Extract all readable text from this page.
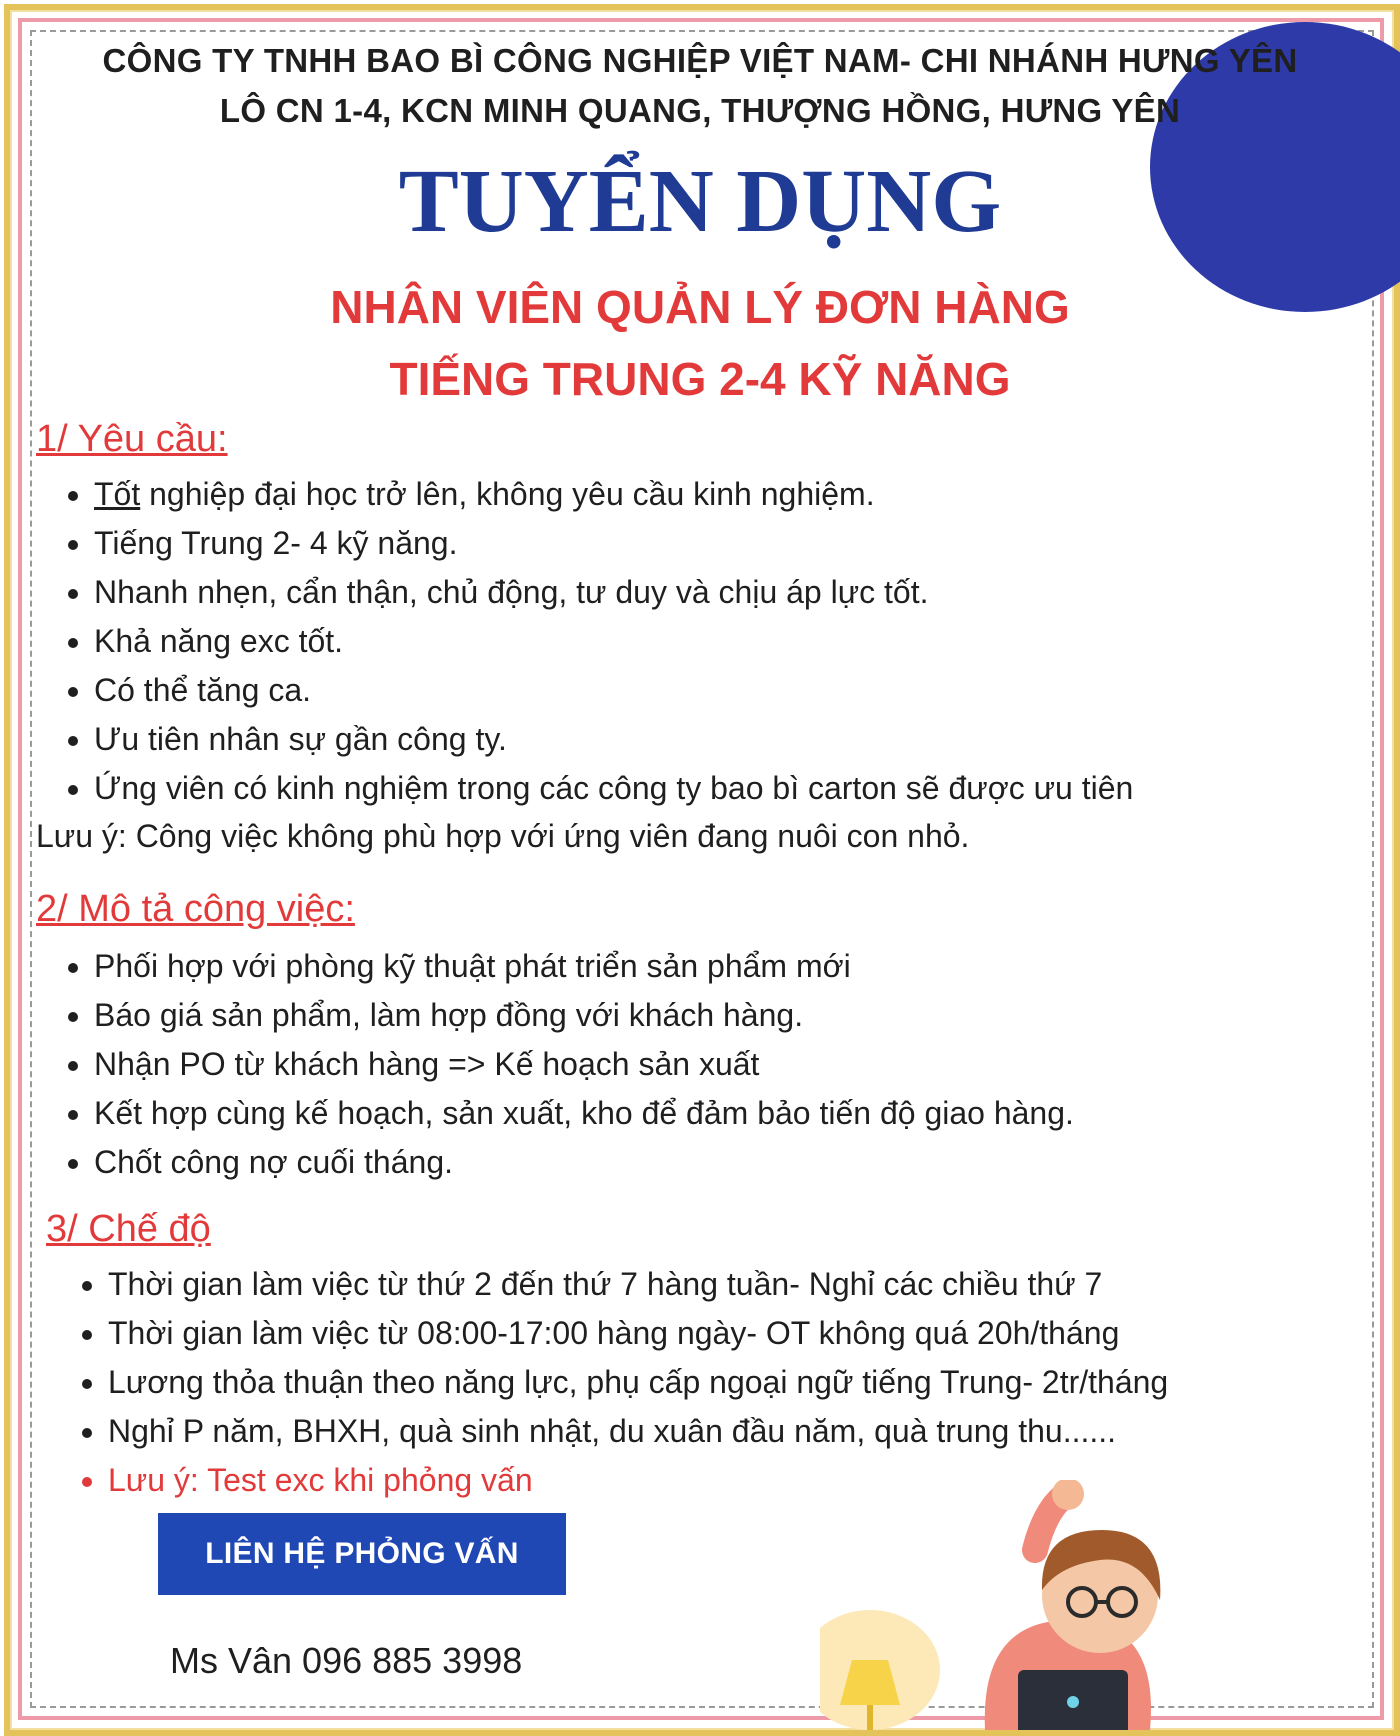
CÔNG TY TNHH BAO BÌ CÔNG NGHIỆP VIỆT NAM- CHI NHÁNH HƯNG YÊN
LÔ CN 1-4, KCN MINH QUANG, THƯỢNG HỒNG, HƯNG YÊN
TUYỂN DỤNG
NHÂN VIÊN QUẢN LÝ ĐƠN HÀNG
TIẾNG TRUNG 2-4 KỸ NĂNG
1/ Yêu cầu:
• Tốt nghiệp đại học trở lên, không yêu cầu kinh nghiệm.
• Tiếng Trung 2- 4 kỹ năng.
• Nhanh nhẹn, cẩn thận, chủ động, tư duy và chịu áp lực tốt.
• Khả năng exc tốt.
• Có thể tăng ca.
• Ưu tiên nhân sự gần công ty.
• Ứng viên có kinh nghiệm trong các công ty bao bì carton sẽ được ưu tiên
Lưu ý: Công việc không phù hợp với ứng viên đang nuôi con nhỏ.
2/ Mô tả công việc:
• Phối hợp với phòng kỹ thuật phát triển sản phẩm mới
• Báo giá sản phẩm, làm hợp đồng với khách hàng.
• Nhận PO từ khách hàng => Kế hoạch sản xuất
• Kết hợp cùng kế hoạch, sản xuất, kho để đảm bảo tiến độ giao hàng.
• Chốt công nợ cuối tháng.
3/ Chế độ
• Thời gian làm việc từ thứ 2 đến thứ 7 hàng tuần- Nghỉ các chiều thứ 7
• Thời gian làm việc từ 08:00-17:00 hàng ngày- OT không quá 20h/tháng
• Lương thỏa thuận theo năng lực, phụ cấp ngoại ngữ tiếng Trung- 2tr/tháng
• Nghỉ P năm, BHXH, quà sinh nhật, du xuân đầu năm, quà trung thu......
• Lưu ý: Test exc khi phỏng vấn
LIÊN HỆ PHỎNG VẤN
Ms Vân 096 885 3998
